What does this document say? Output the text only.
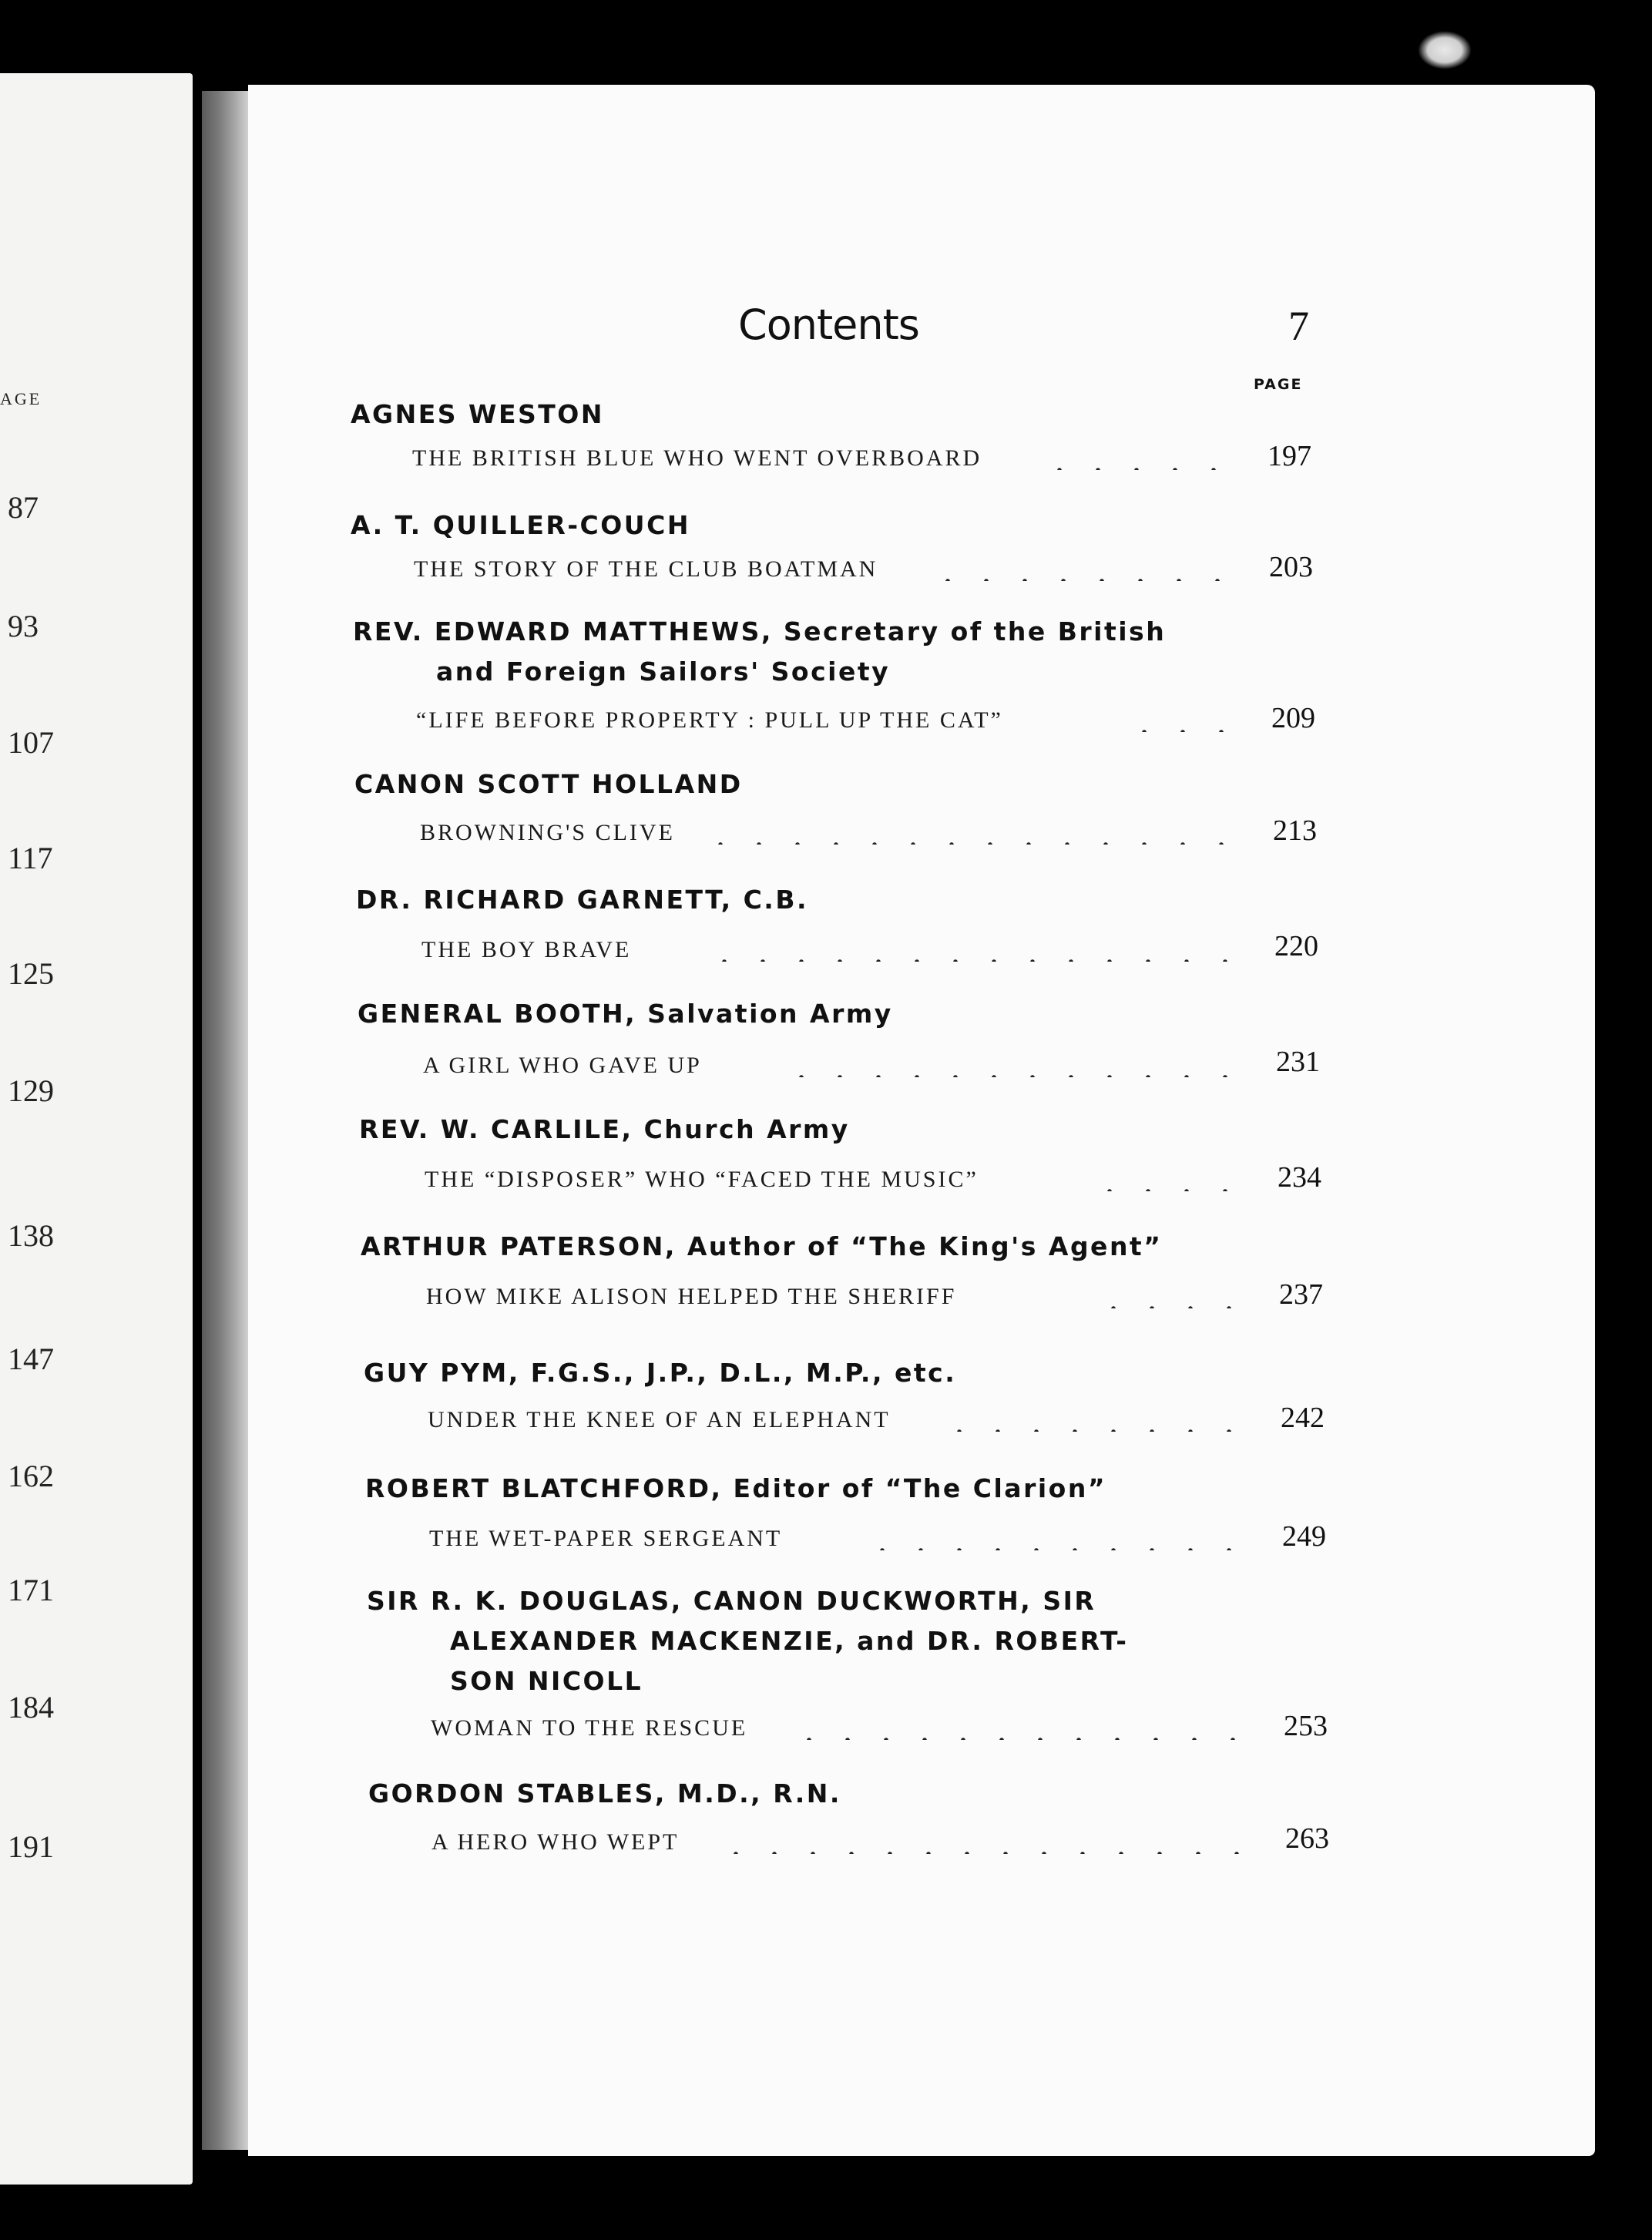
AGE
87
93
107
117
125
129
138
147
162
171
184
191
Contents	7
PAGE
AGNES WESTON
THE BRITISH BLUE WHO WENT OVERBOARD	197
A. T. QUILLER-COUCH
THE STORY OF THE CLUB BOATMAN	203
REV. EDWARD MATTHEWS, Secretary of the British
and Foreign Sailors' Society
“LIFE BEFORE PROPERTY : PULL UP THE CAT”	209
CANON SCOTT HOLLAND
BROWNING'S CLIVE	213
DR. RICHARD GARNETT, C.B.
THE BOY BRAVE	220
GENERAL BOOTH, Salvation Army
A GIRL WHO GAVE UP	231
REV. W. CARLILE, Church Army
THE “DISPOSER” WHO “FACED THE MUSIC”	234
ARTHUR PATERSON, Author of “The King's Agent”
HOW MIKE ALISON HELPED THE SHERIFF	237
GUY PYM, F.G.S., J.P., D.L., M.P., etc.
UNDER THE KNEE OF AN ELEPHANT	242
ROBERT BLATCHFORD, Editor of “The Clarion”
THE WET-PAPER SERGEANT	249
SIR R. K. DOUGLAS, CANON DUCKWORTH, SIR
ALEXANDER MACKENZIE, and DR. ROBERT-
SON NICOLL
WOMAN TO THE RESCUE	253
GORDON STABLES, M.D., R.N.
A HERO WHO WEPT	263
